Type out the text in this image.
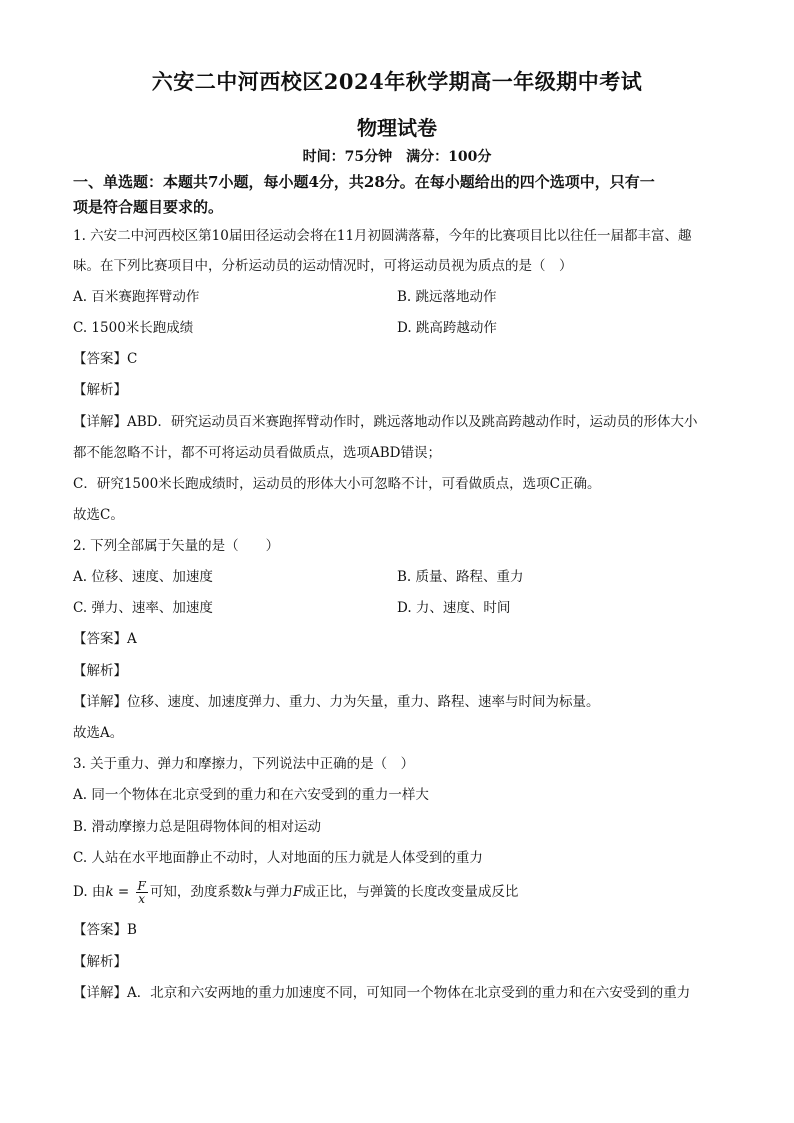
六安二中河西校区2024年秋学期高一年级期中考试
物理试卷
时间：75分钟　满分：100分
一、单选题：本题共7小题，每小题4分，共28分。在每小题给出的四个选项中，只有一
项是符合题目要求的。
1. 六安二中河西校区第10届田径运动会将在11月初圆满落幕，今年的比赛项目比以往任一届都丰富、趣
味。在下列比赛项目中，分析运动员的运动情况时，可将运动员视为质点的是（　）
A. 百米赛跑挥臂动作	B. 跳远落地动作
C. 1500米长跑成绩	D. 跳高跨越动作
【答案】C
【解析】
【详解】ABD．研究运动员百米赛跑挥臂动作时，跳远落地动作以及跳高跨越动作时，运动员的形体大小
都不能忽略不计，都不可将运动员看做质点，选项ABD错误；
C．研究1500米长跑成绩时，运动员的形体大小可忽略不计，可看做质点，选项C正确。
故选C。
2. 下列全部属于矢量的是（　　）
A. 位移、速度、加速度	B. 质量、路程、重力
C. 弹力、速率、加速度	D. 力、速度、时间
【答案】A
【解析】
【详解】位移、速度、加速度弹力、重力、力为矢量，重力、路程、速率与时间为标量。
故选A。
3. 关于重力、弹力和摩擦力，下列说法中正确的是（　）
A. 同一个物体在北京受到的重力和在六安受到的重力一样大
B. 滑动摩擦力总是阻碍物体间的相对运动
C. 人站在水平地面静止不动时，人对地面的压力就是人体受到的重力
D. 由$k = \frac{F}{x}$ 可知，劲度系数k与弹力F成正比，与弹簧的长度改变量成反比
【答案】B
【解析】
【详解】A．北京和六安两地的重力加速度不同，可知同一个物体在北京受到的重力和在六安受到的重力
